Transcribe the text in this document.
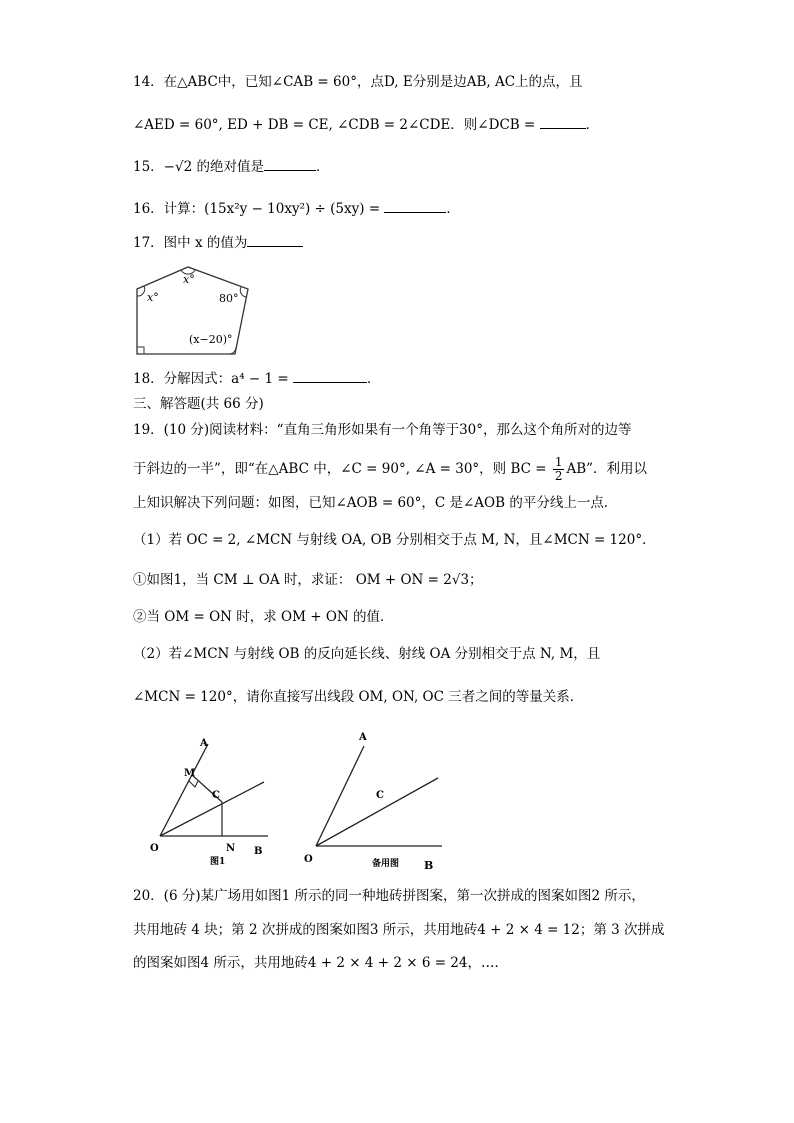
14．在△ABC中，已知∠CAB = 60°，点D, E分别是边AB, AC上的点，且
∠AED = 60°, ED + DB = CE, ∠CDB = 2∠CDE．则∠DCB =	．
15．−√2 的绝对值是	．
16．计算：(15x²y − 10xy²) ÷ (5xy) =	．
17．图中 x 的值为
x°
x°	80°
(x−20)°
18．分解因式：a⁴ − 1 =	．
三、解答题(共 66 分)
19．(10 分)阅读材料：“直角三角形如果有一个角等于30°，那么这个角所对的边等
于斜边的一半”，即“在△ABC 中，∠C = 90°, ∠A = 30°，则 BC = $\frac{1}{2}$ AB”．利用以
上知识解决下列问题：如图，已知∠AOB = 60°，C 是∠AOB 的平分线上一点．
（1）若 OC = 2, ∠MCN 与射线 OA, OB 分别相交于点 M, N，且∠MCN = 120°．
①如图1，当 CM ⊥ OA 时，求证： OM + ON = 2√3；
②当 OM = ON 时，求 OM + ON 的值．
（2）若∠MCN 与射线 OB 的反向延长线、射线 OA 分别相交于点 N, M，且
∠MCN = 120°，请你直接写出线段 OM, ON, OC 三者之间的等量关系．
A
M
C
O	N B
图1
A
C
O	备用图 B
20．(6 分)某广场用如图1 所示的同一种地砖拼图案，第一次拼成的图案如图2 所示，
共用地砖 4 块；第 2 次拼成的图案如图3 所示，共用地砖4 + 2 × 4 = 12；第 3 次拼成
的图案如图4 所示，共用地砖4 + 2 × 4 + 2 × 6 = 24，…．
